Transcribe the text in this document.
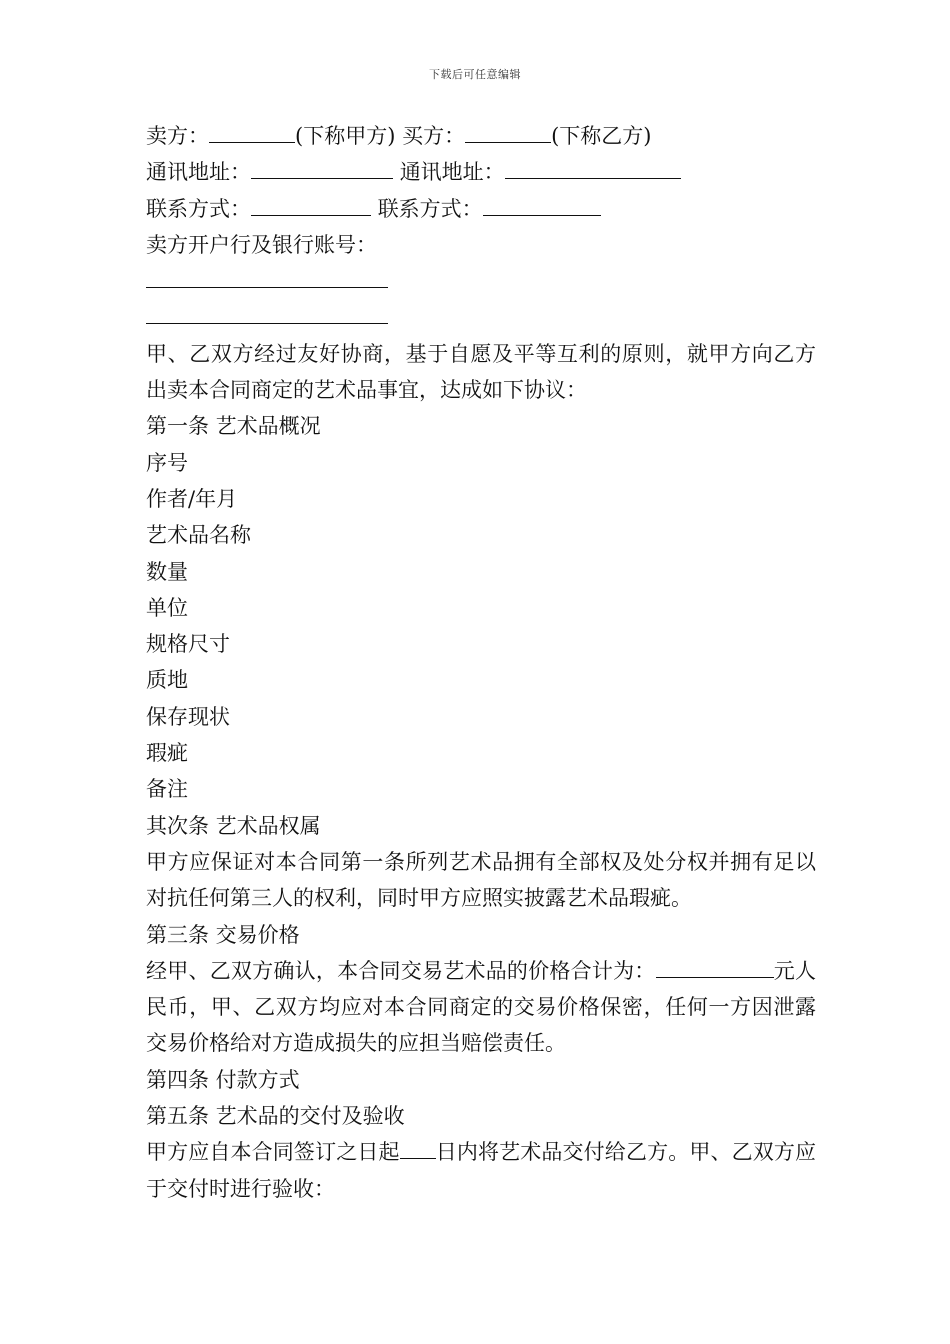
下载后可任意编辑
卖方：	(下称甲方) 买方：	(下称乙方)
通讯地址：	通讯地址：
联系方式：	联系方式：
卖方开户行及银行账号：
甲、乙双方经过友好协商，基于自愿及平等互利的原则，就甲方向乙方出卖本合同商定的艺术品事宜，达成如下协议：
第一条 艺术品概况
序号
作者/年月
艺术品名称
数量
单位
规格尺寸
质地
保存现状
瑕疵
备注
其次条 艺术品权属
甲方应保证对本合同第一条所列艺术品拥有全部权及处分权并拥有足以对抗任何第三人的权利，同时甲方应照实披露艺术品瑕疵。
第三条 交易价格
经甲、乙双方确认，本合同交易艺术品的价格合计为：	元人民币，甲、乙双方均应对本合同商定的交易价格保密，任何一方因泄露交易价格给对方造成损失的应担当赔偿责任。
第四条 付款方式
第五条 艺术品的交付及验收
甲方应自本合同签订之日起 日内将艺术品交付给乙方。甲、乙双方应于交付时进行验收：
